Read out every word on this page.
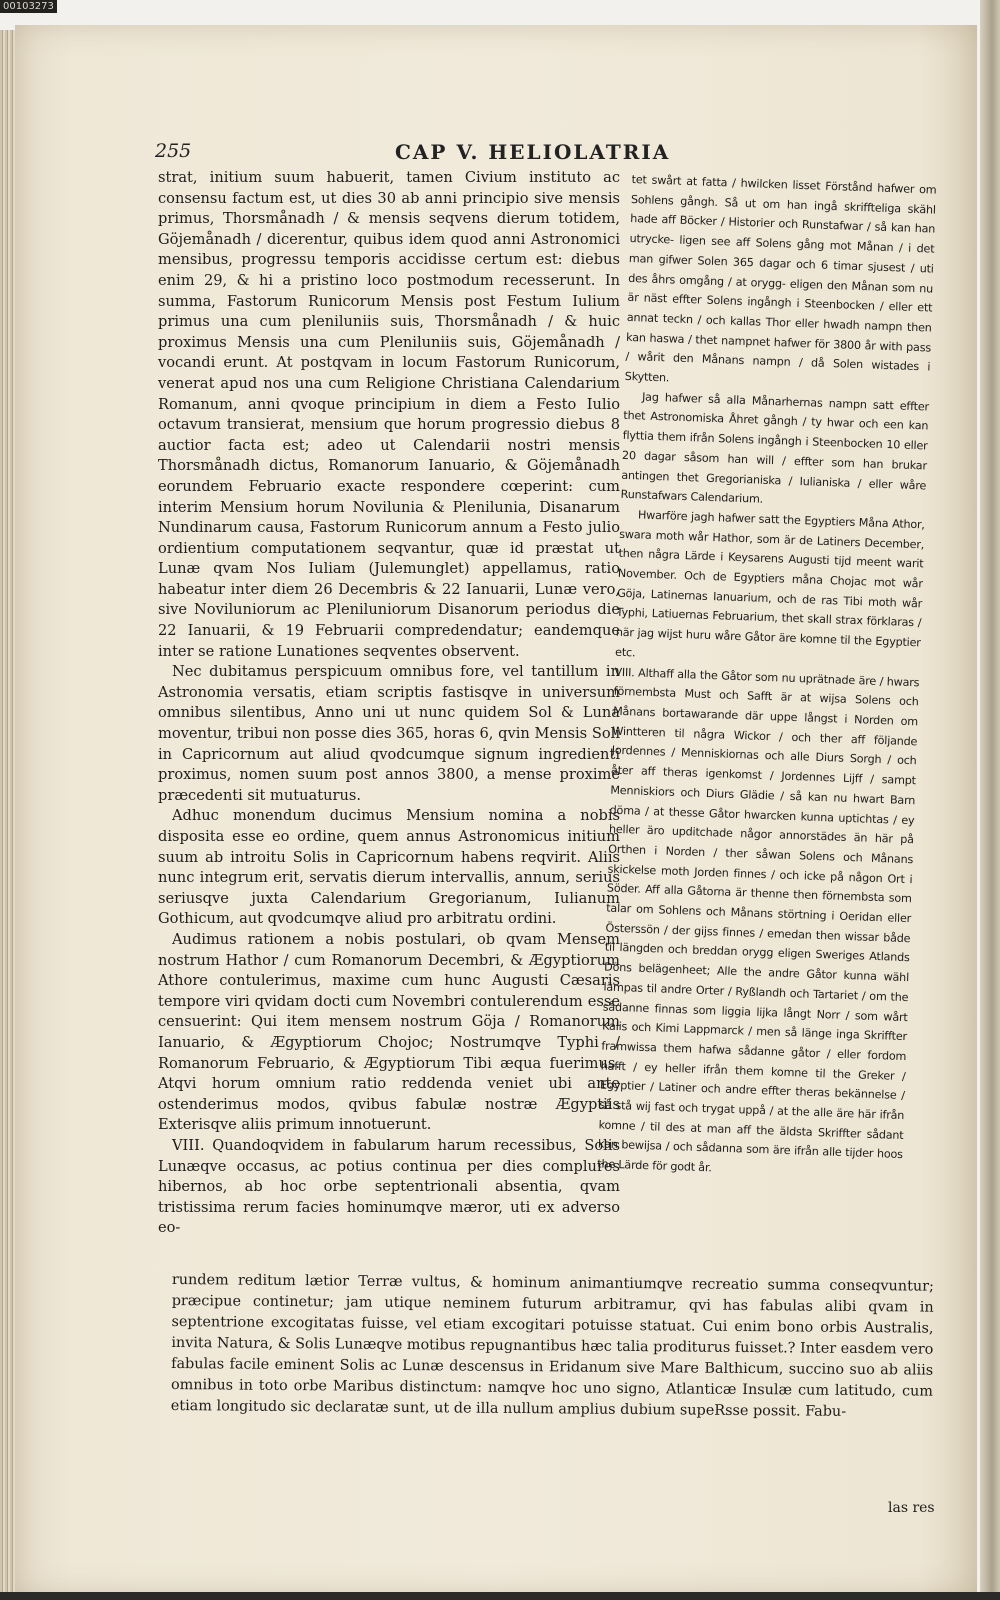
00103273
255	CAP V. HELIOLATRIA

strat, initium suum habuerit, tamen Civium instituto ac consensu factum est, ut dies 30 ab anni principio sive mensis primus, Thorsmånadh / & mensis seqvens dierum totidem, Göjemånadh / dicerentur, quibus idem quod anni Astronomici mensibus, progressu temporis accidisse certum est: diebus enim 29, & hi a pristino loco postmodum recesserunt. In summa, Fastorum Runicorum Mensis post Festum Iulium primus una cum pleniluniis suis, Thorsmånadh / & huic proximus Mensis una cum Pleniluniis suis, Göjemånadh / vocandi erunt. At postqvam in locum Fastorum Runicorum, venerat apud nos una cum Religione Christiana Calendarium Romanum, anni qvoque principium in diem a Festo Iulio octavum transierat, mensium que horum progressio diebus 8 auctior facta est; adeo ut Calendarii nostri mensis Thorsmånadh dictus, Romanorum Ianuario, & Göjemånadh eorundem Februario exacte respondere cœperint: cum interim Mensium horum Novilunia & Plenilunia, Disanarum Nundinarum causa, Fastorum Runicorum annum a Festo julio ordientium computationem seqvantur, quæ id præstat ut Lunæ qvam Nos Iuliam (Julemunglet) appellamus, ratio habeatur inter diem 26 Decembris & 22 Ianuarii, Lunæ vero, sive Noviluniorum ac Pleniluniorum Disanorum periodus die 22 Ianuarii, & 19 Februarii compredendatur; eandemque inter se ratione Lunationes seqventes observent.

Nec dubitamus perspicuum omnibus fore, vel tantillum in Astronomia versatis, etiam scriptis fastisqve in universum omnibus silentibus, Anno uni ut nunc quidem Sol & Luna moventur, tribui non posse dies 365, horas 6, qvin Mensis Soli in Capricornum aut aliud qvodcumque signum ingredienti proximus, nomen suum post annos 3800, a mense proxime præcedenti sit mutuaturus.

Adhuc monendum ducimus Mensium nomina a nobis disposita esse eo ordine, quem annus Astronomicus initium suum ab introitu Solis in Capricornum habens reqvirit. Aliis nunc integrum erit, servatis dierum intervallis, annum, serius seriusqve juxta Calendarium Gregorianum, Iulianum Gothicum, aut qvodcumqve aliud pro arbitratu ordini.

Audimus rationem a nobis postulari, ob qvam Mensem nostrum Hathor / cum Romanorum Decembri, & Ægyptiorum Athore contulerimus, maxime cum hunc Augusti Cæsaris tempore viri qvidam docti cum Novembri contulerendum esse censuerint: Qui item mensem nostrum Göja / Romanorum Ianuario, & Ægyptiorum Chojoc; Nostrumqve Typhi / Romanorum Februario, & Ægyptiorum Tibi æqua fuerimus. Atqvi horum omnium ratio reddenda veniet ubi ante ostenderimus modos, qvibus fabulæ nostræ Ægyptiis Exterisqve aliis primum innotuerunt.

VIII. Quandoqvidem in fabularum harum recessibus, Solis Lunæqve occasus, ac potius continua per dies complures hibernos, ab hoc orbe septentrionali absentia, qvam tristissima rerum facies hominumqve mæror, uti ex adverso eo-

tet swårt at fatta / hwilcken lisset Förstånd hafwer om Sohlens gångh. Så ut om han ingå skriffteliga skähl hade aff Böcker / Historier och Runstafwar / så kan han utrycke- ligen see aff Solens gång mot Månan / i det man gifwer Solen 365 dagar och 6 timar sjusest / uti des åhrs omgång / at orygg- eligen den Månan som nu är näst effter Solens ingångh i Steenbocken / eller ett annat teckn / och kallas Thor eller hwadh nampn then kan haswa / thet nampnet hafwer för 3800 år with pass / wårit den Månans nampn / då Solen wistades i Skytten.

Jag hafwer så alla Månarhernas nampn satt effter thet Astronomiska Åhret gångh / ty hwar och een kan flyttia them ifrån Solens ingångh i Steenbocken 10 eller 20 dagar såsom han will / effter som han brukar antingen thet Gregorianiska / Iulianiska / eller wåre Runstafwars Calendarium.

Hwarföre jagh hafwer satt the Egyptiers Måna Athor, swara moth wår Hathor, som är de Latiners December, then några Lärde i Keysarens Augusti tijd meent warit November. Och de Egyptiers måna Chojac mot wår Göja, Latinernas Ianuarium, och de ras Tibi moth wår Typhi, Latiuernas Februarium, thet skall strax förklaras / när jag wijst huru wåre Gåtor äre komne til the Egyptier etc.

VIII. Althaff alla the Gåtor som nu uprätnade äre / hwars förnembsta Must och Safft är at wijsa Solens och Månans bortawarande där uppe långst i Norden om Wintteren til några Wickor / och ther aff följande Jordennes / Menniskiornas och alle Diurs Sorgh / och åter aff theras igenkomst / Jordennes Lijff / sampt Menniskiors och Diurs Glädie / så kan nu hwart Barn döma / at thesse Gåtor hwarcken kunna uptichtas / ey heller äro upditchade någor annorstädes än här på Orthen i Norden / ther såwan Solens och Månans skickelse moth Jorden finnes / och icke på någon Ort i Söder. Aff alla Gåtorna är thenne then förnembsta som talar om Sohlens och Månans störtning i Oeridan eller Österssön / der gijss finnes / emedan then wissar både til längden och breddan orygg eligen Sweriges Atlands Döns belägenheet; Alle the andre Gåtor kunna wähl lämpas til andre Orter / Ryßlandh och Tartariet / om the sådanne finnas som liggia lijka långt Norr / som wårt Kalis och Kimi Lappmarck / men så länge inga Skriffter framwissa them hafwa sådanne gåtor / eller fordom hafft / ey heller ifrån them komne til the Greker / Egyptier / Latiner och andre effter theras bekännelse / så stå wij fast och trygat uppå / at the alle äre här ifrån komne / til des at man aff the äldsta Skriffter sådant kan bewijsa / och sådanna som äre ifrån alle tijder hoos the Lärde för godt år.

rundem reditum lætior Terræ vultus, & hominum animantiumqve recreatio summa conseqvuntur; præcipue continetur; jam utique neminem futurum arbitramur, qvi has fabulas alibi qvam in septentrione excogitatas fuisse, vel etiam excogitari potuisse statuat. Cui enim bono orbis Australis, invita Natura, & Solis Lunæqve motibus repugnantibus hæc talia proditurus fuisset.? Inter easdem vero fabulas facile eminent Solis ac Lunæ descensus in Eridanum sive Mare Balthicum, succino suo ab aliis omnibus in toto orbe Maribus distinctum: namqve hoc uno signo, Atlanticæ Insulæ cum latitudo, cum etiam longitudo sic declaratæ sunt, ut de illa nullum amplius dubium supeRsse possit. Fabu-

las res
